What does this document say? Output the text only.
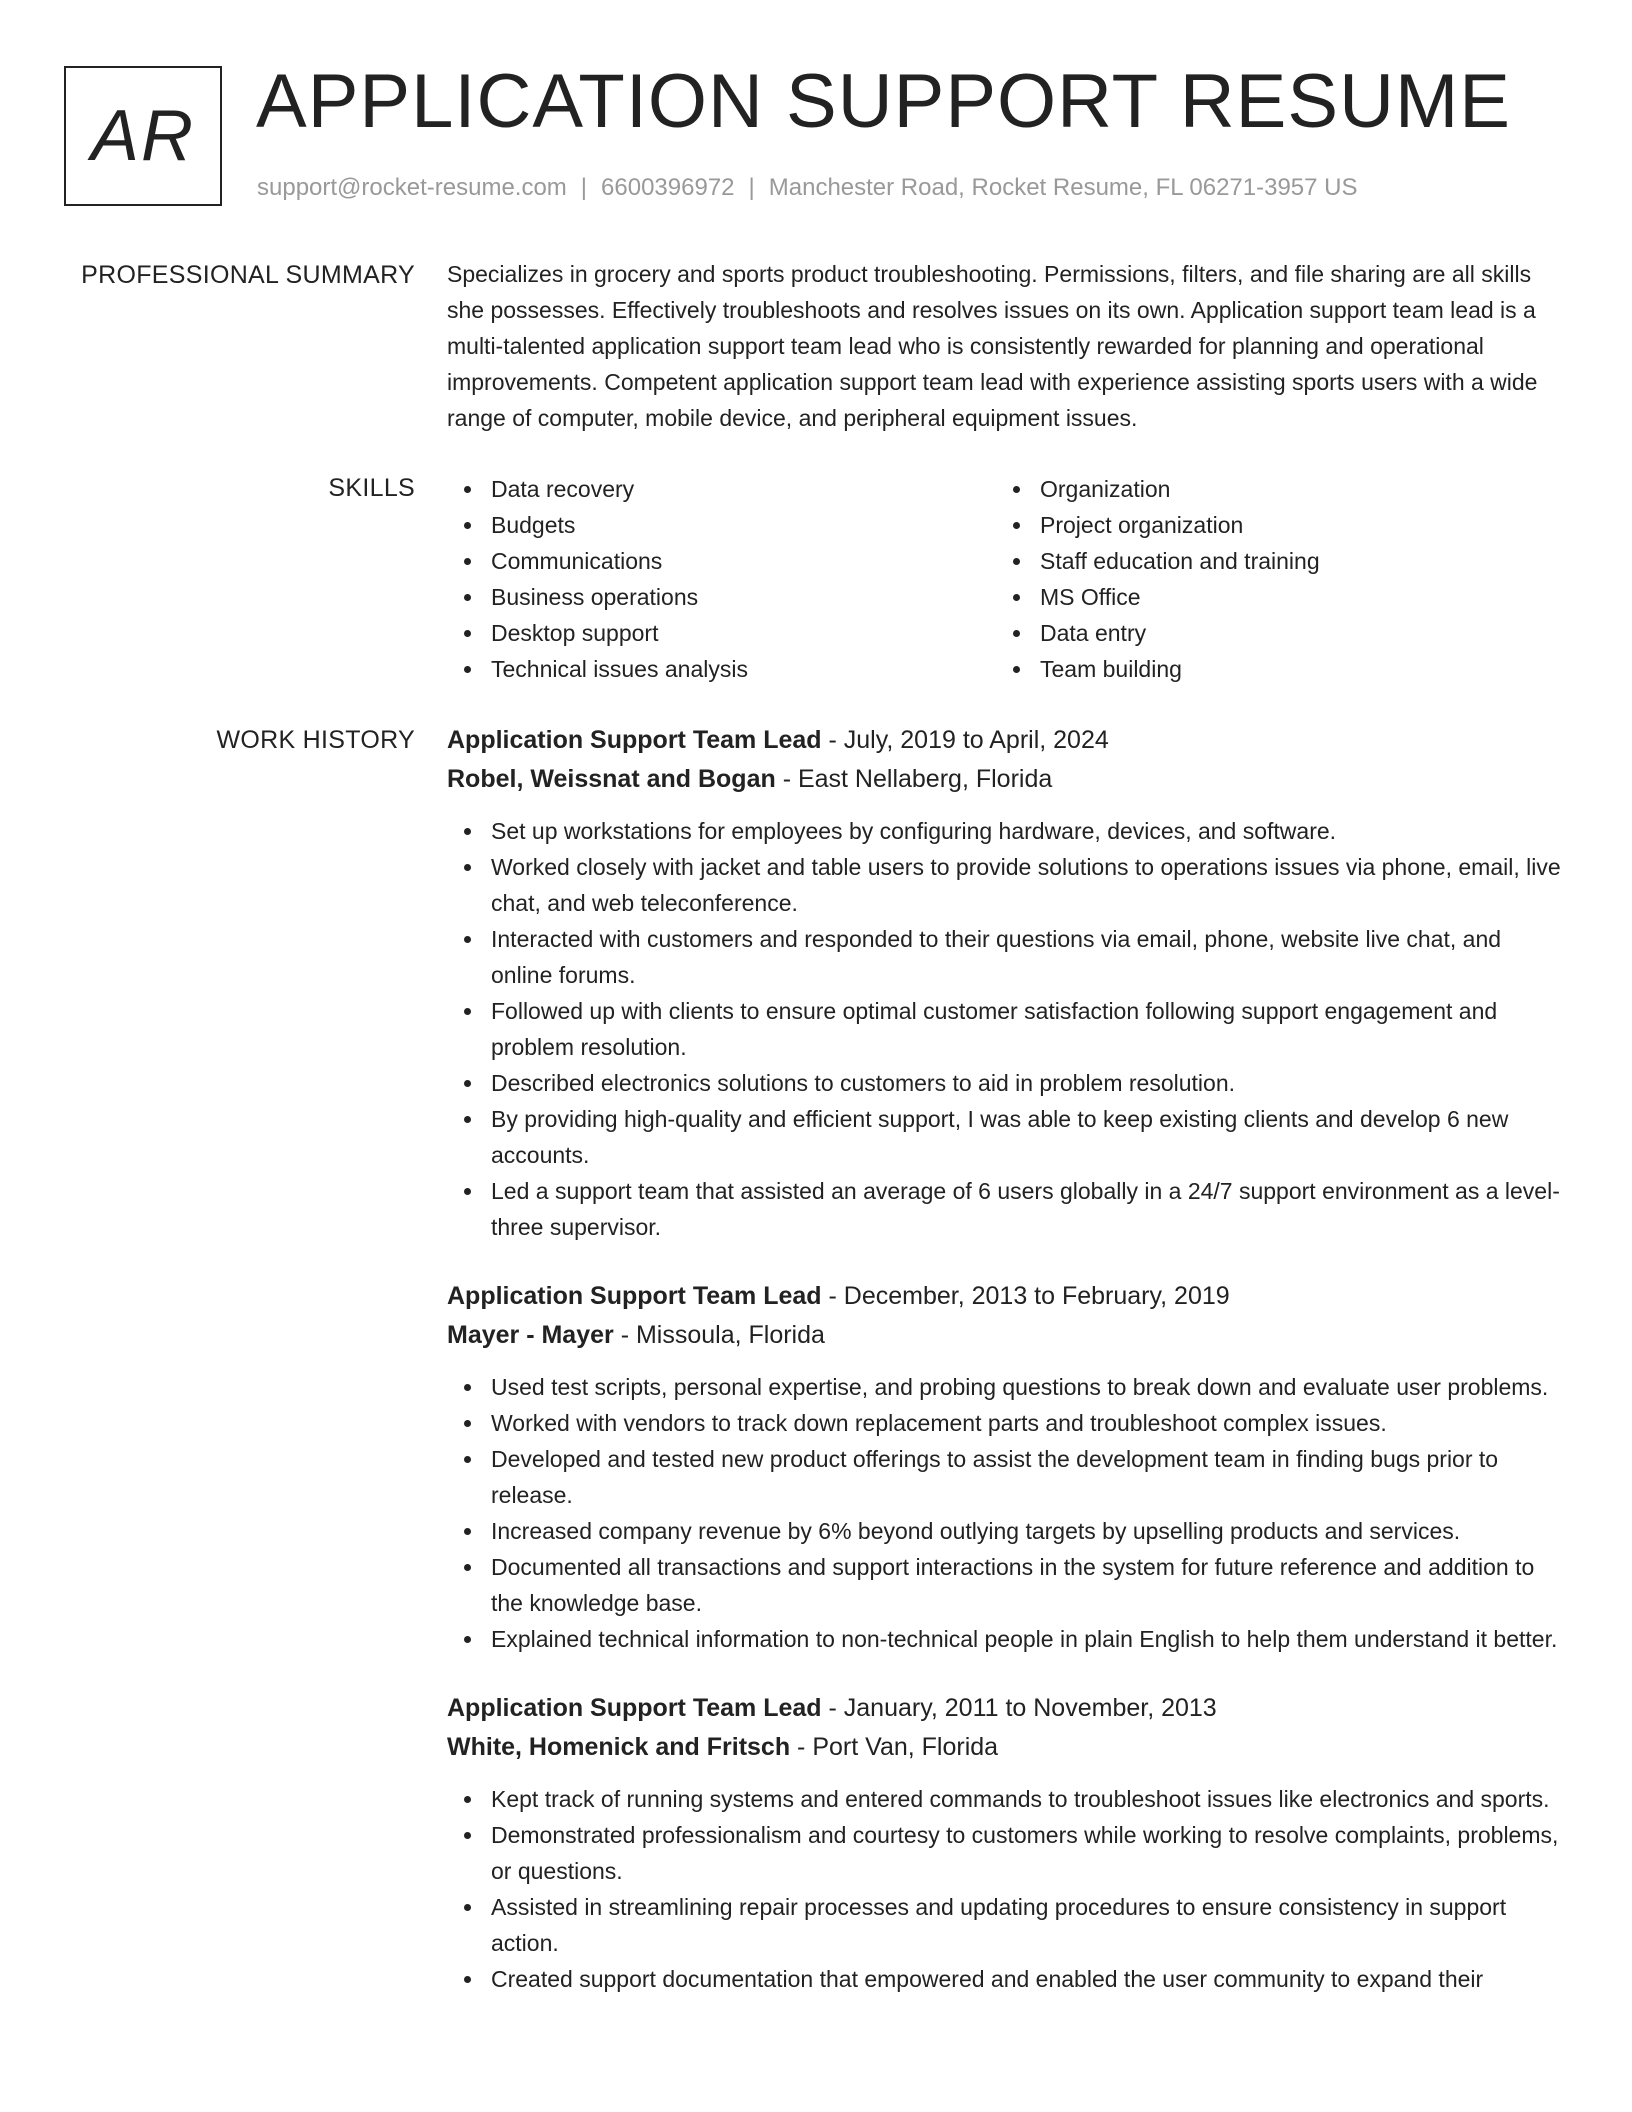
AR APPLICATION SUPPORT RESUME
support@rocket-resume.com | 6600396972 | Manchester Road, Rocket Resume, FL 06271-3957 US
PROFESSIONAL SUMMARY Specializes in grocery and sports product troubleshooting. Permissions, filters, and file sharing are all skills she possesses. Effectively troubleshoots and resolves issues on its own. Application support team lead is a multi-talented application support team lead who is consistently rewarded for planning and operational improvements. Competent application support team lead with experience assisting sports users with a wide range of computer, mobile device, and peripheral equipment issues.

SKILLS	Data recovery
Budgets
Communications
Business operations
Desktop support
Technical issues analysis
Organization
Project organization
Staff education and training
MS Office
Data entry
Team building
WORK HISTORY Application Support Team Lead - July, 2019 to April, 2024
Robel, Weissnat and Bogan - East Nellaberg, Florida
Set up workstations for employees by configuring hardware, devices, and software.
Worked closely with jacket and table users to provide solutions to operations issues via phone, email, live chat, and web teleconference.
Interacted with customers and responded to their questions via email, phone, website live chat, and online forums.
Followed up with clients to ensure optimal customer satisfaction following support engagement and problem resolution.
Described electronics solutions to customers to aid in problem resolution.
By providing high-quality and efficient support, I was able to keep existing clients and develop 6 new accounts.
Led a support team that assisted an average of 6 users globally in a 24/7 support environment as a level-three supervisor.
Application Support Team Lead - December, 2013 to February, 2019
Mayer - Mayer - Missoula, Florida
Used test scripts, personal expertise, and probing questions to break down and evaluate user problems.
Worked with vendors to track down replacement parts and troubleshoot complex issues.
Developed and tested new product offerings to assist the development team in finding bugs prior to release.
Increased company revenue by 6% beyond outlying targets by upselling products and services.
Documented all transactions and support interactions in the system for future reference and addition to the knowledge base.
Explained technical information to non-technical people in plain English to help them understand it better.
Application Support Team Lead - January, 2011 to November, 2013
White, Homenick and Fritsch - Port Van, Florida
Kept track of running systems and entered commands to troubleshoot issues like electronics and sports.
Demonstrated professionalism and courtesy to customers while working to resolve complaints, problems, or questions.
Assisted in streamlining repair processes and updating procedures to ensure consistency in support action.
Created support documentation that empowered and enabled the user community to expand their
